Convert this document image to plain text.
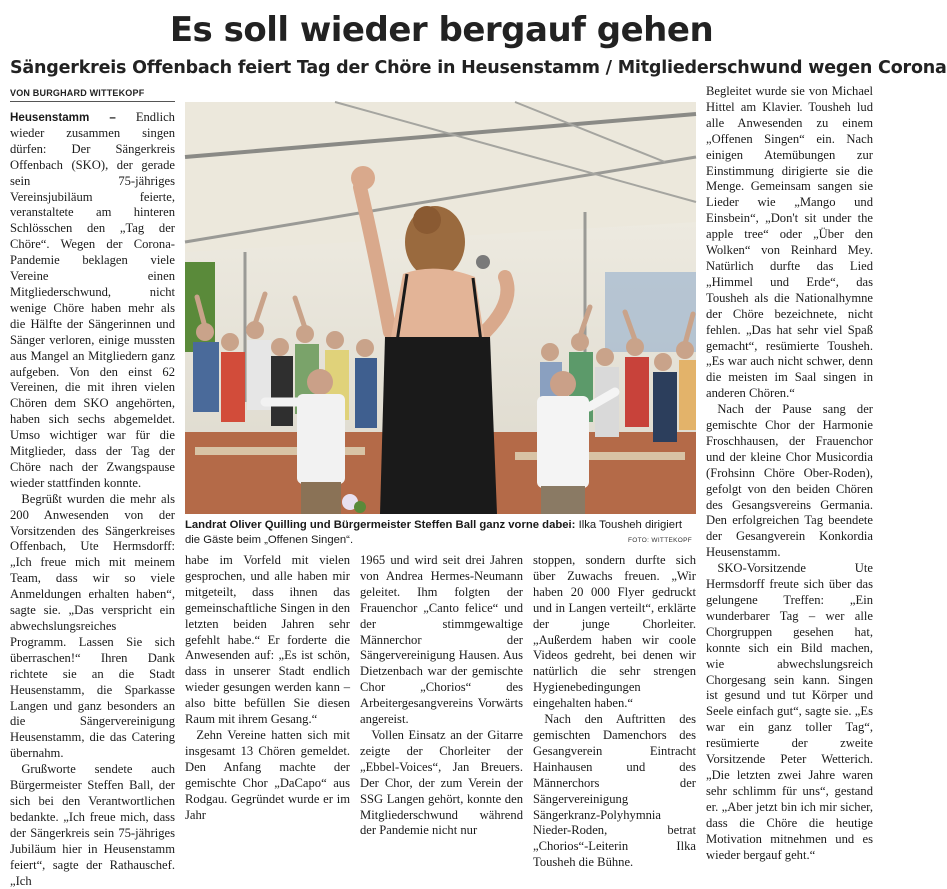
Es soll wieder bergauf gehen
Sängerkreis Offenbach feiert Tag der Chöre in Heusenstamm / Mitgliederschwund wegen Corona
VON BURGHARD WITTEKOPF

Heusenstamm – Endlich wieder zusammen singen dürfen: Der Sängerkreis Offenbach (SKO), der gerade sein 75-jähriges Vereinsjubiläum feierte, veranstaltete am hinteren Schlösschen den „Tag der Chöre“. Wegen der Corona-Pandemie beklagen viele Vereine einen Mitgliederschwund, nicht wenige Chöre haben mehr als die Hälfte der Sängerinnen und Sänger verloren, einige mussten aus Mangel an Mitgliedern ganz aufgeben. Von den einst 62 Vereinen, die mit ihren vielen Chören dem SKO angehörten, haben sich sechs abgemeldet. Umso wichtiger war für die Mitglieder, dass der Tag der Chöre nach der Zwangspause wieder stattfinden konnte.

Begrüßt wurden die mehr als 200 Anwesenden von der Vorsitzenden des Sängerkreises Offenbach, Ute Hermsdorff: „Ich freue mich mit meinem Team, dass wir so viele Anmeldungen erhalten haben“, sagte sie. „Das verspricht ein abwechslungsreiches Programm. Lassen Sie sich überraschen!“ Ihren Dank richtete sie an die Stadt Heusenstamm, die Sparkasse Langen und ganz besonders an die Sängervereinigung Heusenstamm, die das Catering übernahm.

Grußworte sendete auch Bürgermeister Steffen Ball, der sich bei den Verantwortlichen bedankte. „Ich freue mich, dass der Sängerkreis sein 75-jähriges Jubiläum hier in Heusenstamm feiert“, sagte der Rathauschef. „Ich

Landrat Oliver Quilling und Bürgermeister Steffen Ball ganz vorne dabei: Ilka Tousheh dirigiert die Gäste beim „Offenen Singen“.	FOTO: WITTEKOPF

habe im Vorfeld mit vielen gesprochen, und alle haben mir mitgeteilt, dass ihnen das gemeinschaftliche Singen in den letzten beiden Jahren sehr gefehlt habe.“ Er forderte die Anwesenden auf: „Es ist schön, dass in unserer Stadt endlich wieder gesungen werden kann – also bitte befüllen Sie diesen Raum mit ihrem Gesang.“

Zehn Vereine hatten sich mit insgesamt 13 Chören gemeldet. Den Anfang machte der gemischte Chor „DaCapo“ aus Rodgau. Gegründet wurde er im Jahr

1965 und wird seit drei Jahren von Andrea Hermes-Neumann geleitet. Ihm folgten der Frauenchor „Canto felice“ und der stimmgewaltige Männerchor der Sängervereinigung Hausen. Aus Dietzenbach war der gemischte Chor „Chorios“ des Arbeitergesangvereins Vorwärts angereist.

Vollen Einsatz an der Gitarre zeigte der Chorleiter der „Ebbel-Voices“, Jan Breuers. Der Chor, der zum Verein der SSG Langen gehört, konnte den Mitgliederschwund während der Pandemie nicht nur

stoppen, sondern durfte sich über Zuwachs freuen. „Wir haben 20 000 Flyer gedruckt und in Langen verteilt“, erklärte der junge Chorleiter. „Außerdem haben wir coole Videos gedreht, bei denen wir natürlich die sehr strengen Hygienebedingungen eingehalten haben.“

Nach den Auftritten des gemischten Damenchors des Gesangverein Eintracht Hainhausen und des Männerchors der Sängervereinigung Sängerkranz-Polyhymnia Nieder-Roden, betrat „Chorios“-Leiterin Ilka Tousheh die Bühne.

Begleitet wurde sie von Michael Hittel am Klavier. Tousheh lud alle Anwesenden zu einem „Offenen Singen“ ein. Nach einigen Atemübungen zur Einstimmung dirigierte sie die Menge. Gemeinsam sangen sie Lieder wie „Mango und Einsbein“, „Don't sit under the apple tree“ oder „Über den Wolken“ von Reinhard Mey. Natürlich durfte das Lied „Himmel und Erde“, das Tousheh als die Nationalhymne der Chöre bezeichnete, nicht fehlen. „Das hat sehr viel Spaß gemacht“, resümierte Tousheh. „Es war auch nicht schwer, denn die meisten im Saal singen in anderen Chören.“

Nach der Pause sang der gemischte Chor der Harmonie Froschhausen, der Frauenchor und der kleine Chor Musicordia (Frohsinn Chöre Ober-Roden), gefolgt von den beiden Chören des Gesangsvereins Germania. Den erfolgreichen Tag beendete der Gesangverein Konkordia Heusenstamm.

SKO-Vorsitzende Ute Hermsdorff freute sich über das gelungene Treffen: „Ein wunderbarer Tag – wer alle Chorgruppen gesehen hat, konnte sich ein Bild machen, wie abwechslungsreich Chorgesang sein kann. Singen ist gesund und tut Körper und Seele einfach gut“, sagte sie. „Es war ein ganz toller Tag“, resümierte der zweite Vorsitzende Peter Wetterich. „Die letzten zwei Jahre waren sehr schlimm für uns“, gestand er. „Aber jetzt bin ich mir sicher, dass die Chöre die heutige Motivation mitnehmen und es wieder bergauf geht.“
